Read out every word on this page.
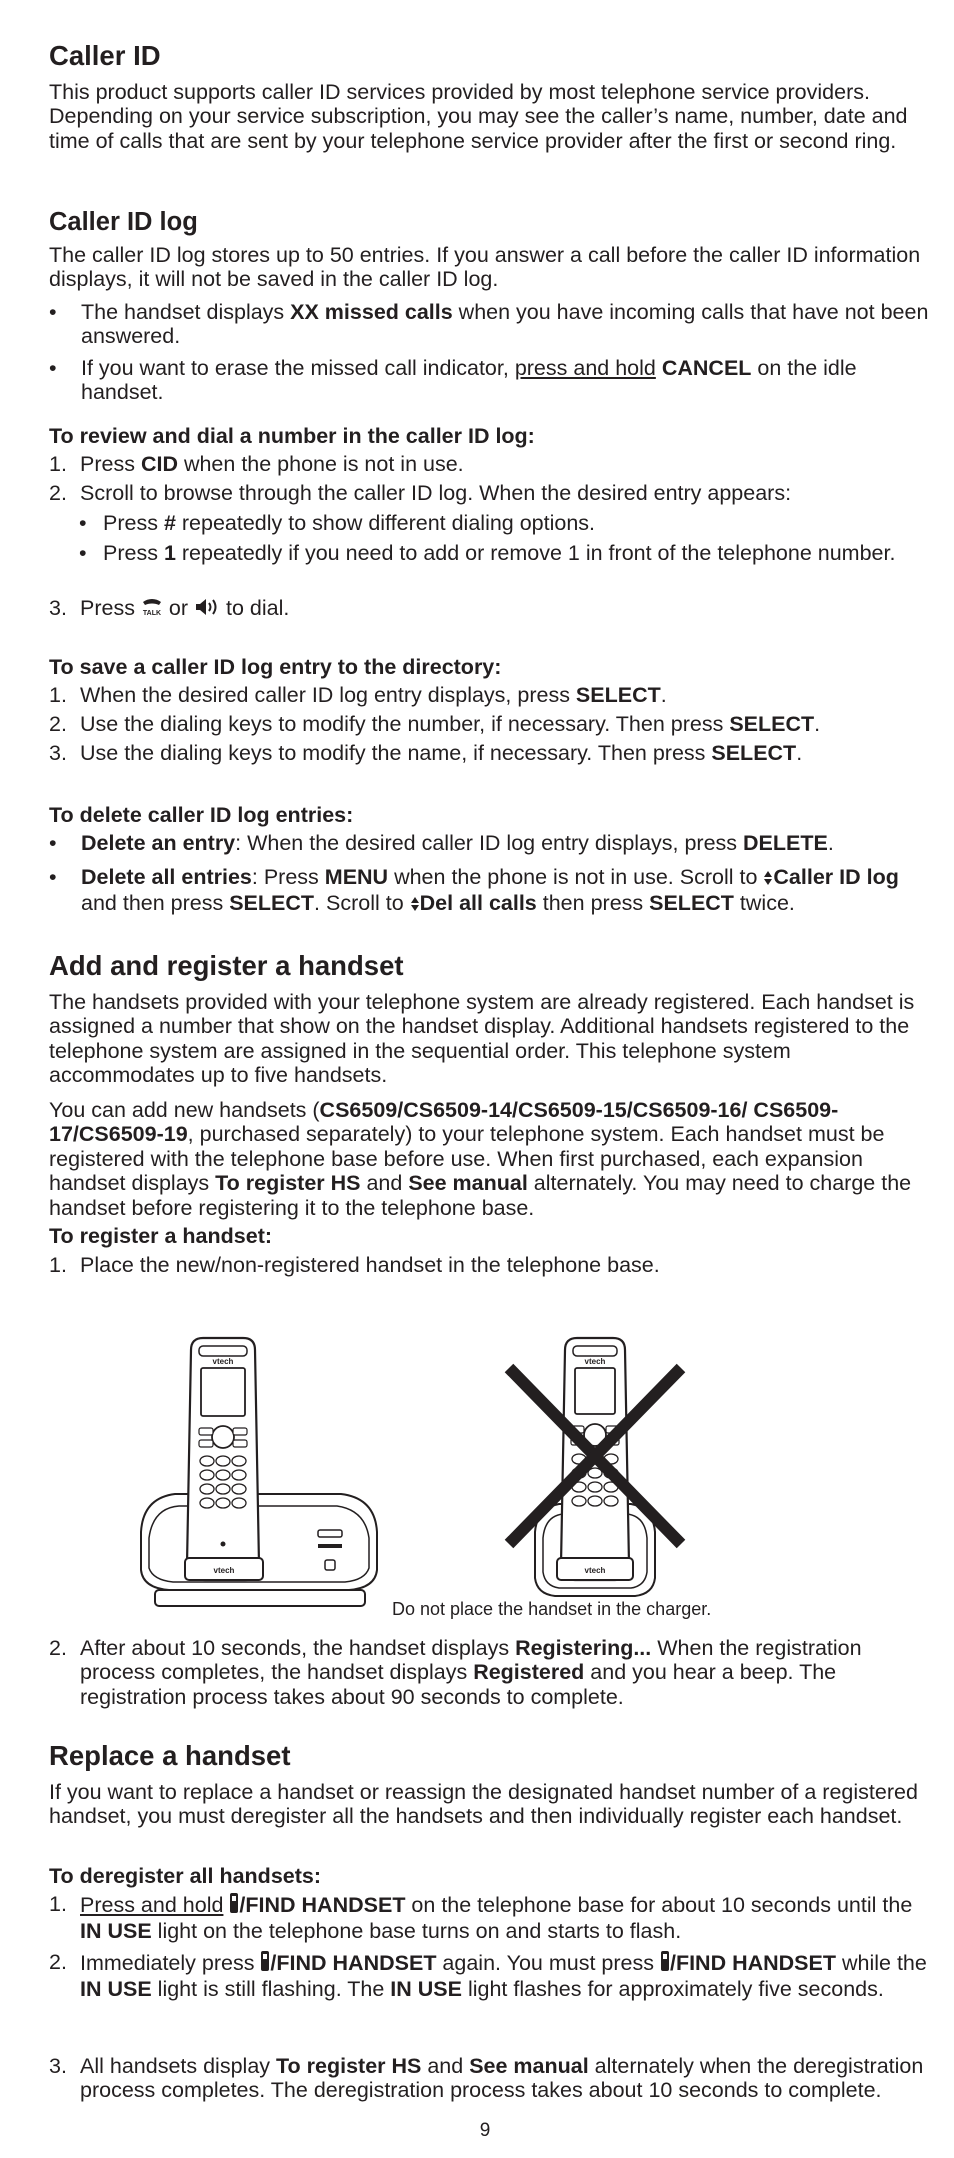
Caller ID

This product supports caller ID services provided by most telephone service providers. Depending on your service subscription, you may see the caller’s name, number, date and time of calls that are sent by your telephone service provider after the first or second ring.

Caller ID log

The caller ID log stores up to 50 entries. If you answer a call before the caller ID information displays, it will not be saved in the caller ID log.

• The handset displays XX missed calls when you have incoming calls that have not been answered.
• If you want to erase the missed call indicator, press and hold CANCEL on the idle handset.
To review and dial a number in the caller ID log:
1. Press CID when the phone is not in use.
2. Scroll to browse through the caller ID log. When the desired entry appears:
• Press # repeatedly to show different dialing options.
• Press 1 repeatedly if you need to add or remove 1 in front of the telephone number.
3. Press TALK or  to dial.
To save a caller ID log entry to the directory:
1. When the desired caller ID log entry displays, press SELECT.
2. Use the dialing keys to modify the number, if necessary. Then press SELECT.
3. Use the dialing keys to modify the name, if necessary. Then press SELECT.
To delete caller ID log entries:
• Delete an entry: When the desired caller ID log entry displays, press DELETE.
• Delete all entries: Press MENU when the phone is not in use. Scroll to Caller ID log and then press SELECT. Scroll to Del all calls then press SELECT twice.
Add and register a handset

The handsets provided with your telephone system are already registered. Each handset is assigned a number that show on the handset display. Additional handsets registered to the telephone system are assigned in the sequential order. This telephone system accommodates up to five handsets.

You can add new handsets (CS6509/CS6509-14/CS6509-15/CS6509-16/ CS6509-17/CS6509-19, purchased separately) to your telephone system. Each handset must be registered with the telephone base before use. When first purchased, each expansion handset displays To register HS and See manual alternately. You may need to charge the handset before registering it to the telephone base.

To register a handset:
1. Place the new/non-registered handset in the telephone base.
vtech
vtech
vtech
vtech
Do not place the handset in the charger.
2. After about 10 seconds, the handset displays Registering... When the registration process completes, the handset displays Registered and you hear a beep. The registration process takes about 90 seconds to complete.
Replace a handset

If you want to replace a handset or reassign the designated handset number of a registered handset, you must deregister all the handsets and then individually register each handset.

To deregister all handsets:
1. Press and hold /FIND HANDSET on the telephone base for about 10 seconds until the IN USE light on the telephone base turns on and starts to flash.
2. Immediately press /FIND HANDSET again. You must press /FIND HANDSET while the IN USE light is still flashing. The IN USE light flashes for approximately five seconds.
3. All handsets display To register HS and See manual alternately when the deregistration process completes. The deregistration process takes about 10 seconds to complete.
9
